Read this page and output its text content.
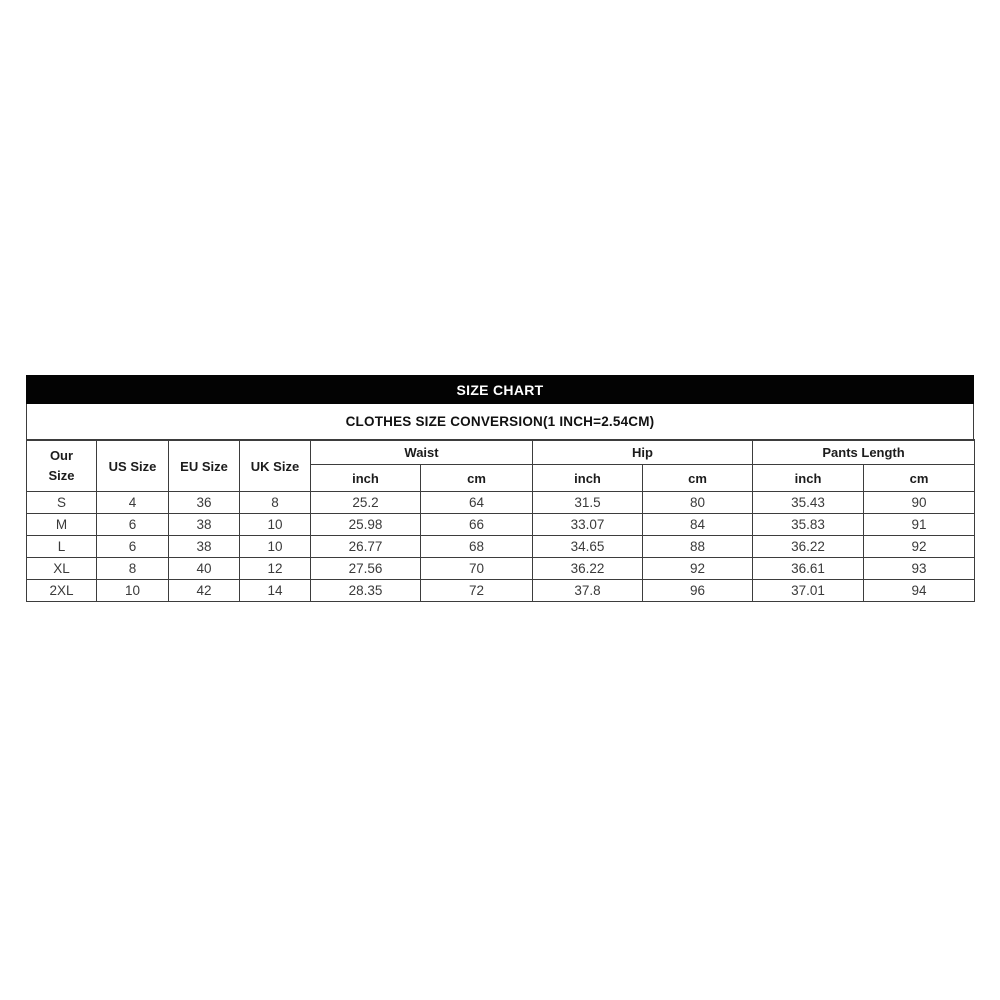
SIZE CHART
CLOTHES SIZE CONVERSION(1 INCH=2.54CM)
Our Size	US Size	EU Size	UK Size	Waist		Hip		Pants Length	
				inch	cm	inch	cm	inch	cm
S	4	36	8	25.2	64	31.5	80	35.43	90
M	6	38	10	25.98	66	33.07	84	35.83	91
L	6	38	10	26.77	68	34.65	88	36.22	92
XL	8	40	12	27.56	70	36.22	92	36.61	93
2XL	10	42	14	28.35	72	37.8	96	37.01	94
